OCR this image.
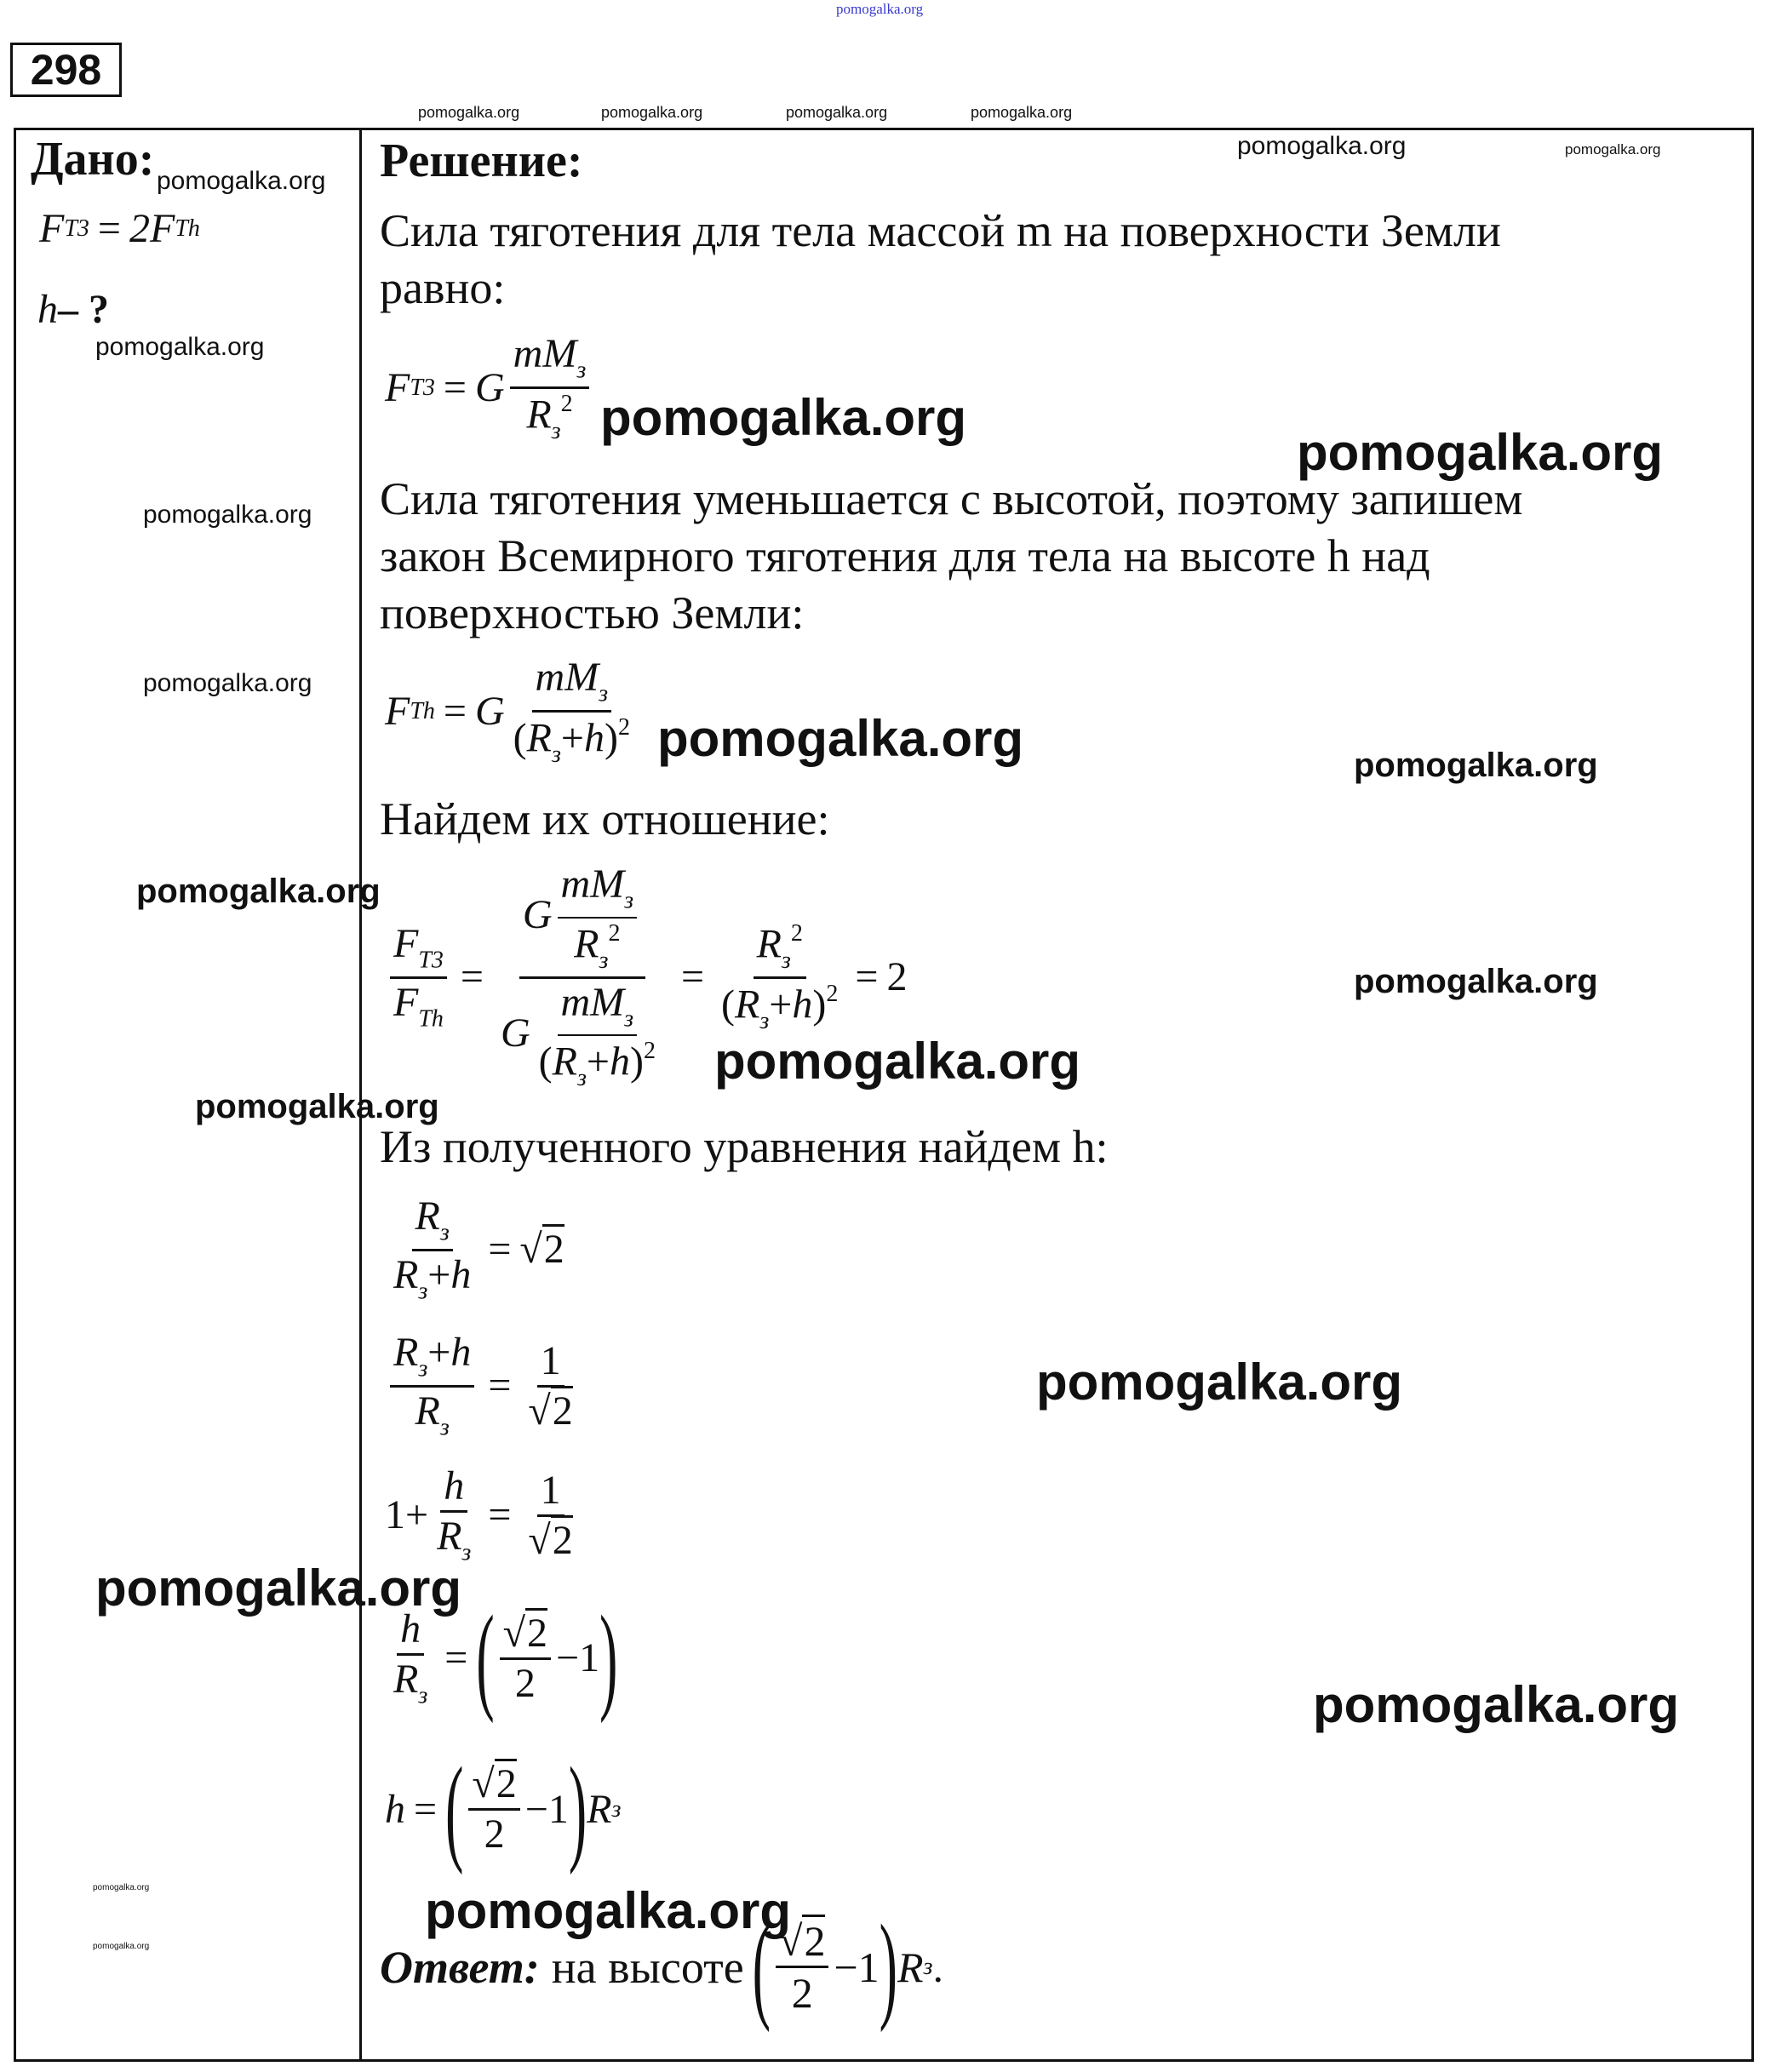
pomogalka.org
298
pomogalka.org	pomogalka.org	pomogalka.org	pomogalka.org
Дано: pomogalka.org
F Т3 = 2F Th
h – ?
pomogalka.org
pomogalka.org
pomogalka.org
pomogalka.org
pomogalka.org
pomogalka.org
pomogalka.org
pomogalka.org
Решение:	pomogalka.org	pomogalka.org
Сила тяготения для тела массой m на поверхности Земли
равно:
F Т3 = G
$mM_з$
$R_з^2$ pomogalka.org
pomogalka.org
Сила тяготения уменьшается с высотой, поэтому запишем
закон Всемирного тяготения для тела на высоте h над
поверхностью Земли:
F Th = G
$mM_з$
$(R_з+h)^2$ pomogalka.org	pomogalka.org
Найдем их отношение:
$F_{Т3}$
$F_{Th}$
=
G
$mM_з$
$R_з^2$
G
$mM_з$
$(R_з+h)^2$
=
$R_з^2$
$(R_з+h)^2 = 2$	pomogalka.org
pomogalka.org
Из полученного уравнения найдем h:
$R_з$
$R_з+h$
= √2
$R_з+h$
$R_з$
= $\frac{1}{√2}$	pomogalka.org
1+
h
$R_з$
= $\frac{1}{√2}$
h
$R_з$
= ( √2
2
− 1 )	pomogalka.org
h = ( √2
2
− 1 ) R з
pomogalka.org
Ответ: на высоте ( √2
2
− 1 ) R з .
